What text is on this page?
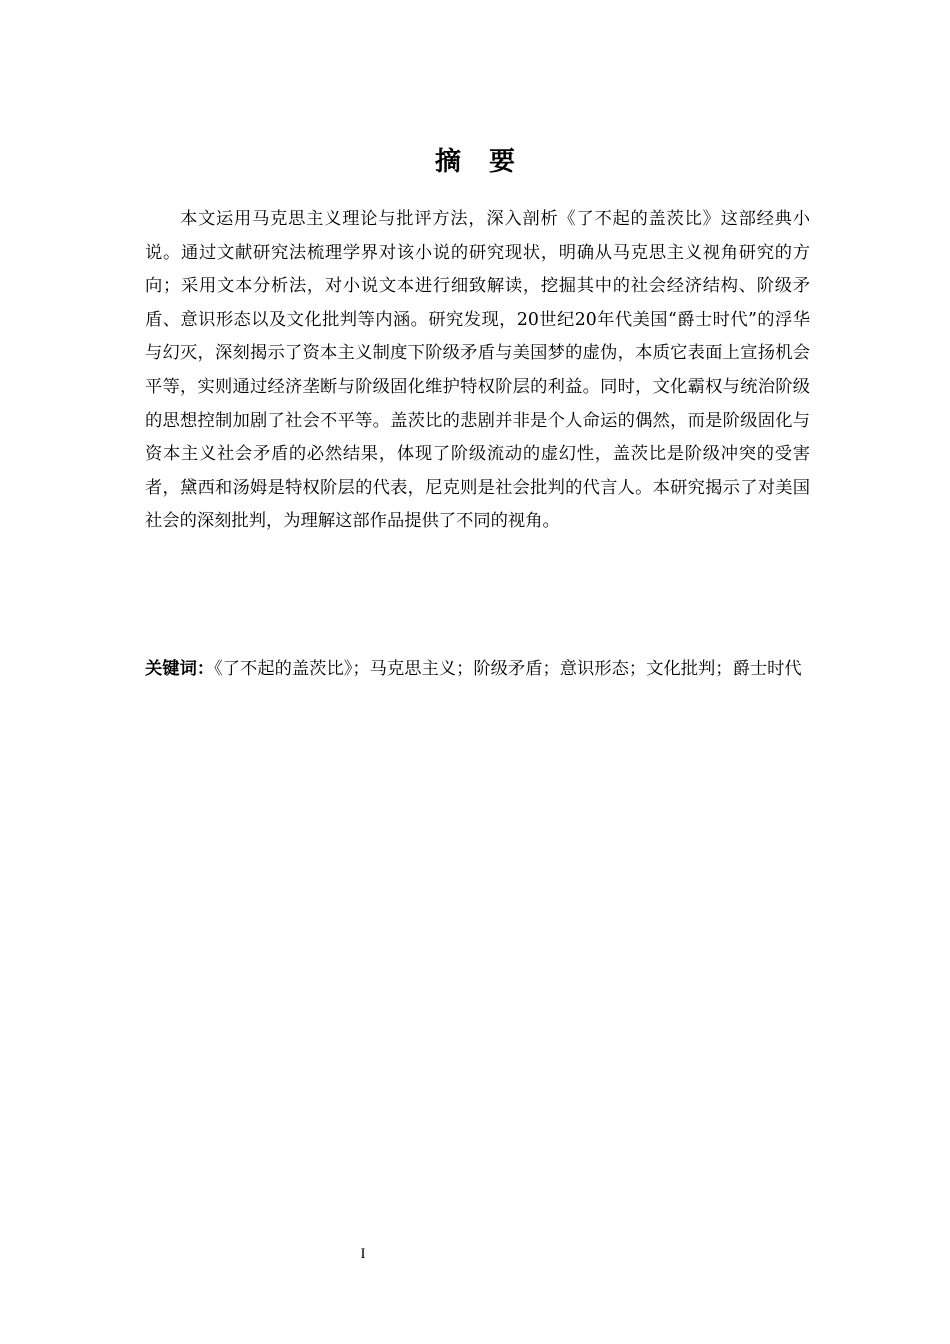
摘要

本文运用马克思主义理论与批评方法，深入剖析《了不起的盖茨比》这部经典小说。通过文献研究法梳理学界对该小说的研究现状，明确从马克思主义视角研究的方向；采用文本分析法，对小说文本进行细致解读，挖掘其中的社会经济结构、阶级矛盾、意识形态以及文化批判等内涵。研究发现，20世纪20年代美国“爵士时代”的浮华与幻灭，深刻揭示了资本主义制度下阶级矛盾与美国梦的虚伪，本质它表面上宣扬机会平等，实则通过经济垄断与阶级固化维护特权阶层的利益。同时，文化霸权与统治阶级的思想控制加剧了社会不平等。盖茨比的悲剧并非是个人命运的偶然，而是阶级固化与资本主义社会矛盾的必然结果，体现了阶级流动的虚幻性，盖茨比是阶级冲突的受害者，黛西和汤姆是特权阶层的代表，尼克则是社会批判的代言人。本研究揭示了对美国社会的深刻批判，为理解这部作品提供了不同的视角。

关键词：《了不起的盖茨比》；马克思主义；阶级矛盾；意识形态；文化批判；爵士时代

I
